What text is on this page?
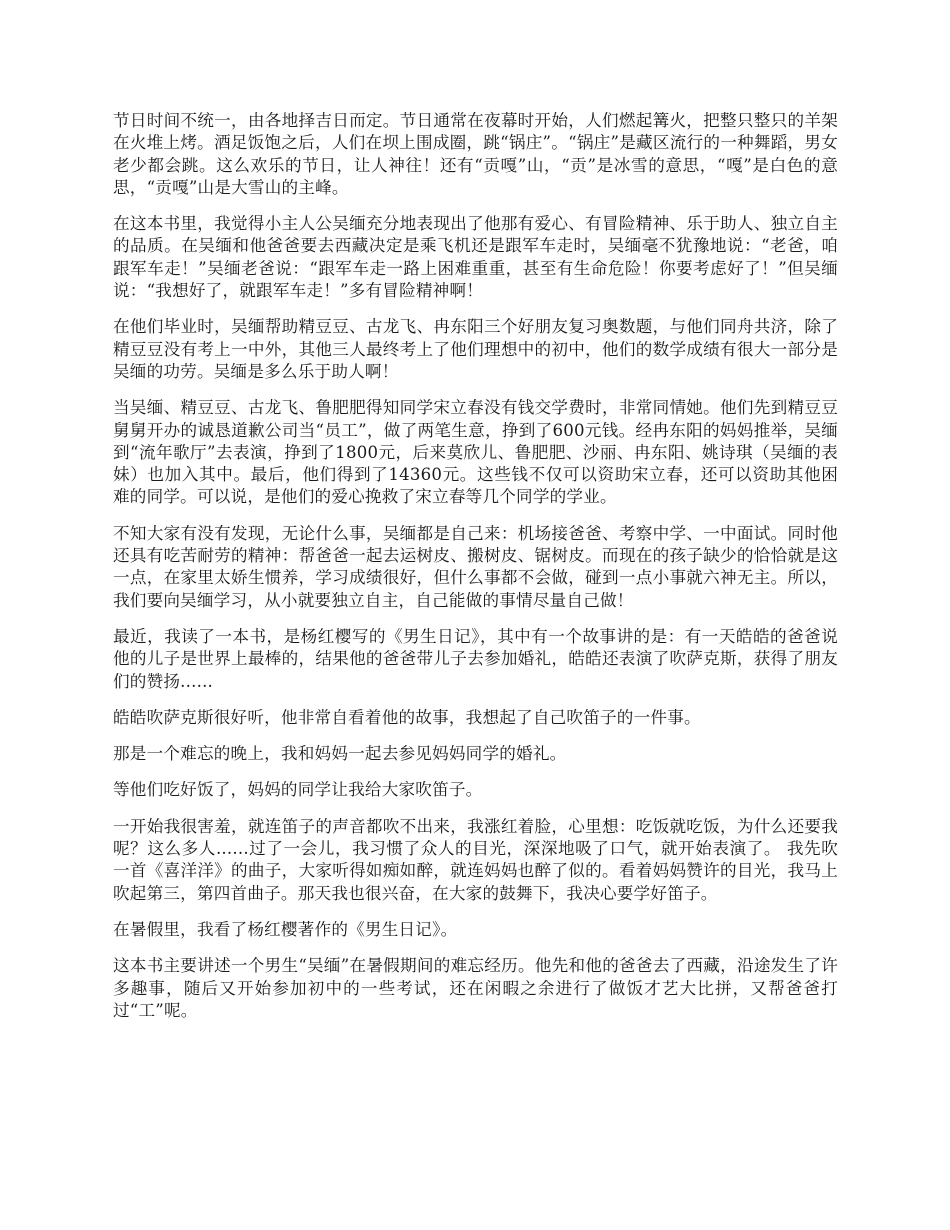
节日时间不统一，由各地择吉日而定。节日通常在夜幕时开始，人们燃起篝火，把整只整只的羊架在火堆上烤。酒足饭饱之后，人们在坝上围成圈，跳“锅庄”。“锅庄”是藏区流行的一种舞蹈，男女老少都会跳。这么欢乐的节日，让人神往！还有“贡嘎”山，“贡”是冰雪的意思，“嘎”是白色的意思，“贡嘎”山是大雪山的主峰。

在这本书里，我觉得小主人公吴缅充分地表现出了他那有爱心、有冒险精神、乐于助人、独立自主的品质。在吴缅和他爸爸要去西藏决定是乘飞机还是跟军车走时，吴缅毫不犹豫地说：“老爸，咱跟军车走！”吴缅老爸说：“跟军车走一路上困难重重，甚至有生命危险！你要考虑好了！”但吴缅说：“我想好了，就跟军车走！”多有冒险精神啊！

在他们毕业时，吴缅帮助精豆豆、古龙飞、冉东阳三个好朋友复习奥数题，与他们同舟共济，除了精豆豆没有考上一中外，其他三人最终考上了他们理想中的初中，他们的数学成绩有很大一部分是吴缅的功劳。吴缅是多么乐于助人啊！

当吴缅、精豆豆、古龙飞、鲁肥肥得知同学宋立春没有钱交学费时，非常同情她。他们先到精豆豆舅舅开办的诚恳道歉公司当“员工”，做了两笔生意，挣到了600元钱。经冉东阳的妈妈推举，吴缅到“流年歌厅”去表演，挣到了1800元，后来莫欣儿、鲁肥肥、沙丽、冉东阳、姚诗琪（吴缅的表妹）也加入其中。最后，他们得到了14360元。这些钱不仅可以资助宋立春，还可以资助其他困难的同学。可以说，是他们的爱心挽救了宋立春等几个同学的学业。

不知大家有没有发现，无论什么事，吴缅都是自己来：机场接爸爸、考察中学、一中面试。同时他还具有吃苦耐劳的精神：帮爸爸一起去运树皮、搬树皮、锯树皮。而现在的孩子缺少的恰恰就是这一点，在家里太娇生惯养，学习成绩很好，但什么事都不会做，碰到一点小事就六神无主。所以，我们要向吴缅学习，从小就要独立自主，自己能做的事情尽量自己做！

最近，我读了一本书，是杨红樱写的《男生日记》，其中有一个故事讲的是：有一天皓皓的爸爸说他的儿子是世界上最棒的，结果他的爸爸带儿子去参加婚礼，皓皓还表演了吹萨克斯，获得了朋友们的赞扬......

皓皓吹萨克斯很好听，他非常自看着他的故事，我想起了自己吹笛子的一件事。

那是一个难忘的晚上，我和妈妈一起去参见妈妈同学的婚礼。

等他们吃好饭了，妈妈的同学让我给大家吹笛子。

一开始我很害羞，就连笛子的声音都吹不出来，我涨红着脸，心里想：吃饭就吃饭，为什么还要我呢？这么多人......过了一会儿，我习惯了众人的目光，深深地吸了口气，就开始表演了。 我先吹一首《喜洋洋》的曲子，大家听得如痴如醉，就连妈妈也醉了似的。看着妈妈赞许的目光，我马上吹起第三，第四首曲子。那天我也很兴奋，在大家的鼓舞下，我决心要学好笛子。

在暑假里，我看了杨红樱著作的《男生日记》。

这本书主要讲述一个男生“吴缅”在暑假期间的难忘经历。他先和他的爸爸去了西藏，沿途发生了许多趣事，随后又开始参加初中的一些考试，还在闲暇之余进行了做饭才艺大比拼，又帮爸爸打过“工”呢。
